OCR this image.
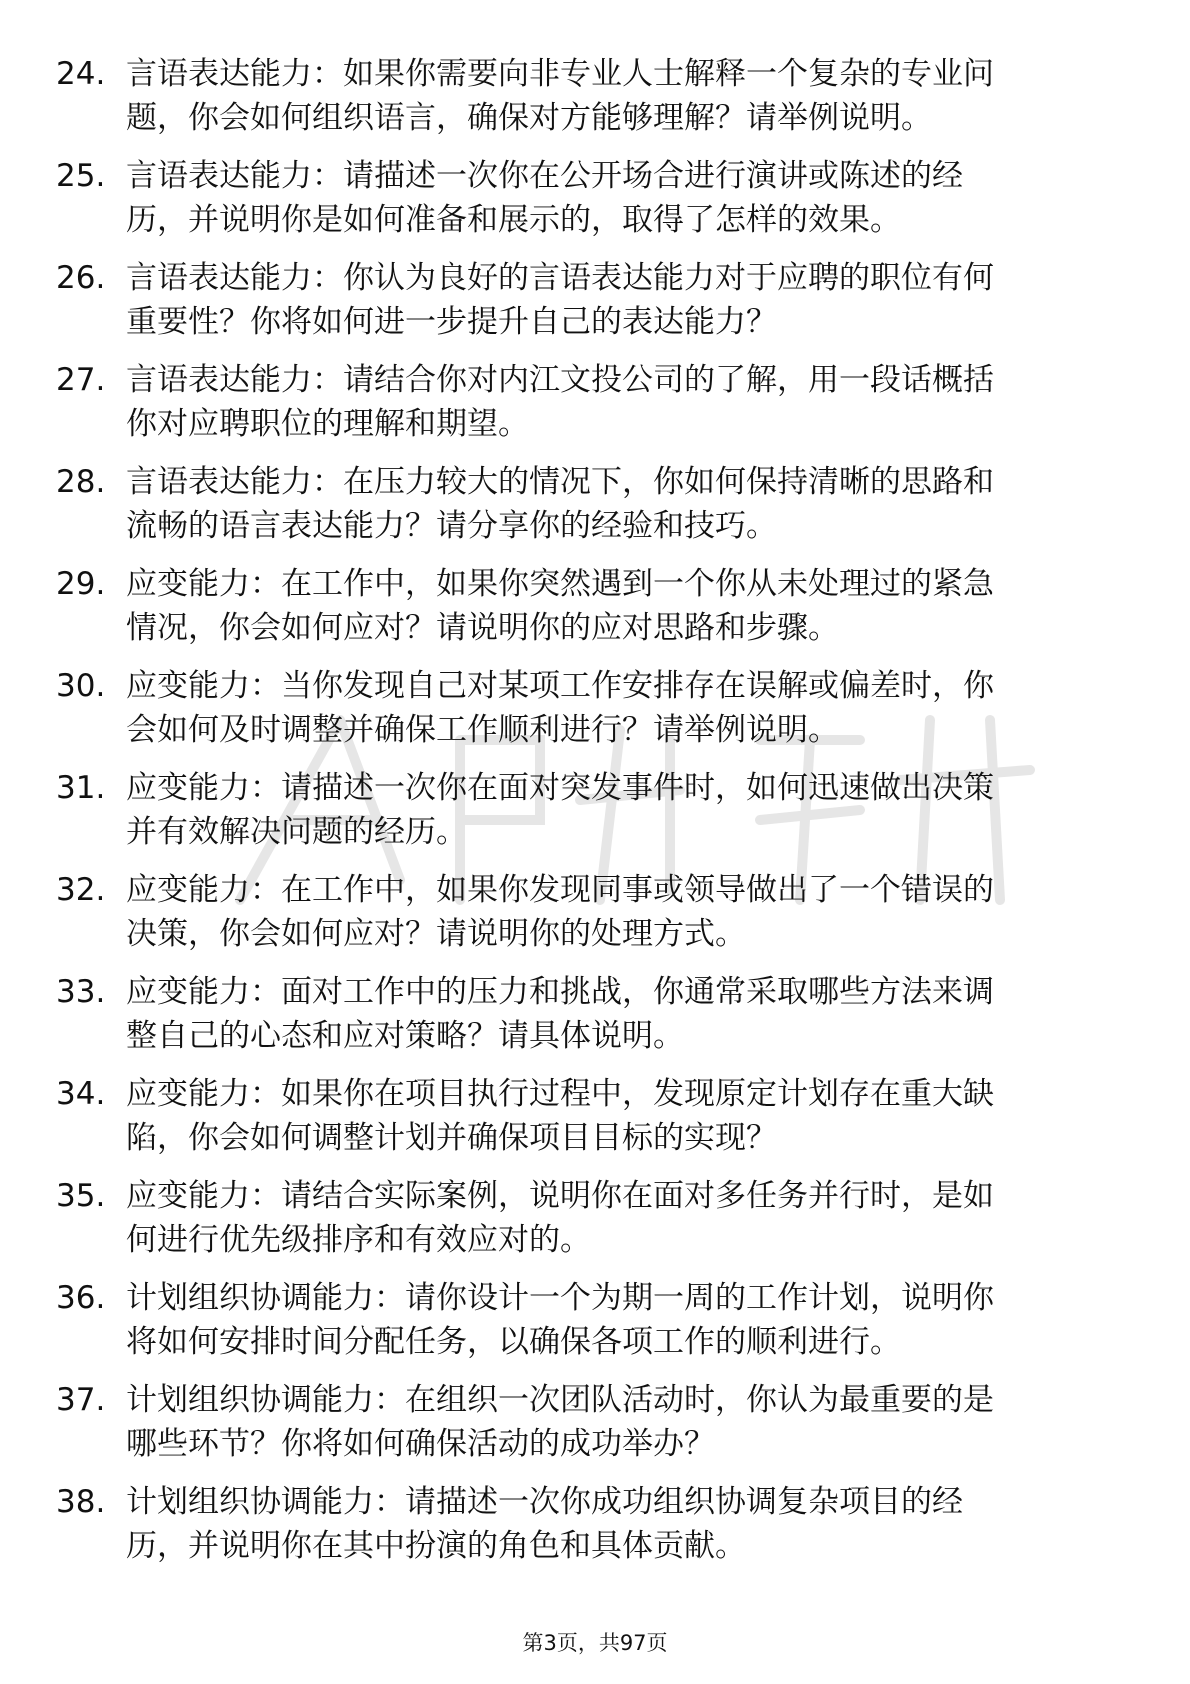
24. 言语表达能力：如果你需要向非专业人士解释一个复杂的专业问
题，你会如何组织语言，确保对方能够理解？请举例说明。
25. 言语表达能力：请描述一次你在公开场合进行演讲或陈述的经
历，并说明你是如何准备和展示的，取得了怎样的效果。
26. 言语表达能力：你认为良好的言语表达能力对于应聘的职位有何
重要性？你将如何进一步提升自己的表达能力？
27. 言语表达能力：请结合你对内江文投公司的了解，用一段话概括
你对应聘职位的理解和期望。
28. 言语表达能力：在压力较大的情况下，你如何保持清晰的思路和
流畅的语言表达能力？请分享你的经验和技巧。
29. 应变能力：在工作中，如果你突然遇到一个你从未处理过的紧急
情况，你会如何应对？请说明你的应对思路和步骤。
30. 应变能力：当你发现自己对某项工作安排存在误解或偏差时，你
会如何及时调整并确保工作顺利进行？请举例说明。
31. 应变能力：请描述一次你在面对突发事件时，如何迅速做出决策
并有效解决问题的经历。
32. 应变能力：在工作中，如果你发现同事或领导做出了一个错误的
决策，你会如何应对？请说明你的处理方式。
33. 应变能力：面对工作中的压力和挑战，你通常采取哪些方法来调
整自己的心态和应对策略？请具体说明。
34. 应变能力：如果你在项目执行过程中，发现原定计划存在重大缺
陷，你会如何调整计划并确保项目目标的实现？
35. 应变能力：请结合实际案例，说明你在面对多任务并行时，是如
何进行优先级排序和有效应对的。
36. 计划组织协调能力：请你设计一个为期一周的工作计划，说明你
将如何安排时间分配任务，以确保各项工作的顺利进行。
37. 计划组织协调能力：在组织一次团队活动时，你认为最重要的是
哪些环节？你将如何确保活动的成功举办？
38. 计划组织协调能力：请描述一次你成功组织协调复杂项目的经
历，并说明你在其中扮演的角色和具体贡献。
第3页，共97页
